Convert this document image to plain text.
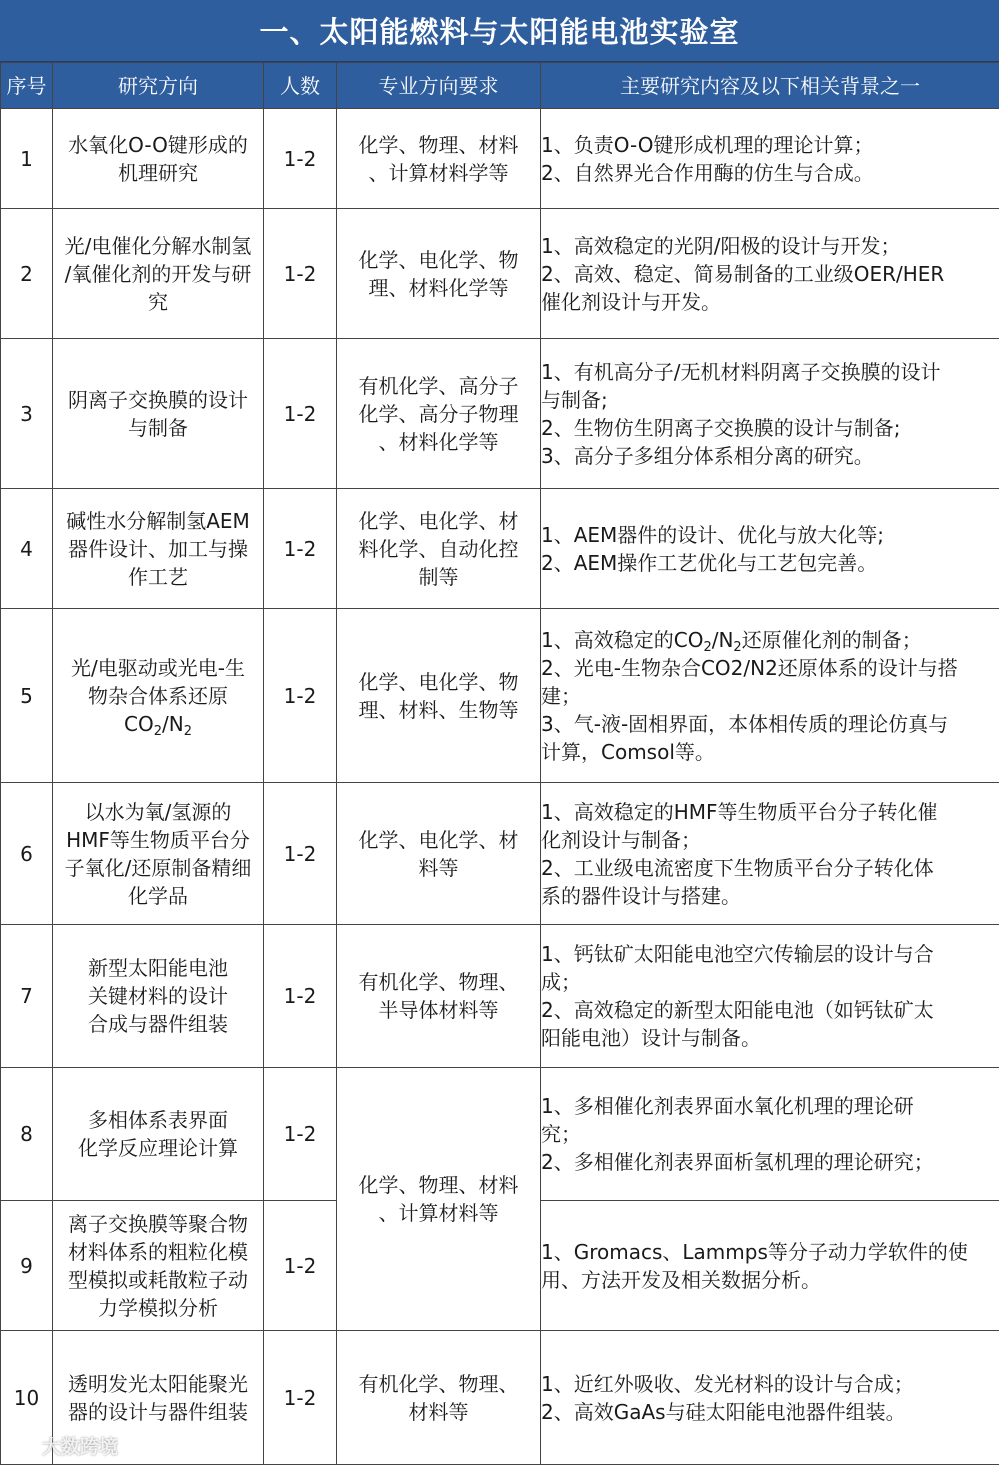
一、太阳能燃料与太阳能电池实验室
序号	研究方向	人数	专业方向要求	主要研究内容及以下相关背景之一
1	水氧化O-O键形成的
机理研究	1-2	化学、物理、材料
、计算材料学等	1、负责O-O键形成机理的理论计算；
2、自然界光合作用酶的仿生与合成。

2	光/电催化分解水制氢
/氧催化剂的开发与研
究	1-2	化学、电化学、物
理、材料化学等	1、高效稳定的光阴/阳极的设计与开发；
2、高效、稳定、简易制备的工业级OER/HER
催化剂设计与开发。

3	阴离子交换膜的设计
与制备	1-2	有机化学、高分子
化学、高分子物理
、材料化学等	1、有机高分子/无机材料阴离子交换膜的设计
与制备;
2、生物仿生阴离子交换膜的设计与制备;
3、高分子多组分体系相分离的研究。

4	碱性水分解制氢AEM
器件设计、加工与操
作工艺	1-2	化学、电化学、材
料化学、自动化控
制等	1、AEM器件的设计、优化与放大化等;
2、AEM操作工艺优化与工艺包完善。

5	光/电驱动或光电-生
物杂合体系还原
$CO_2/N_2$	1-2	化学、电化学、物
理、材料、生物等	1、高效稳定的$CO_2/N_2$还原催化剂的制备；
2、光电-生物杂合CO2/N2还原体系的设计与搭
建；
3、气-液-固相界面，本体相传质的理论仿真与
计算，Comsol等。

6	以水为氧/氢源的
HMF等生物质平台分
子氧化/还原制备精细
化学品	1-2	化学、电化学、材
料等	1、高效稳定的HMF等生物质平台分子转化催
化剂设计与制备；
2、工业级电流密度下生物质平台分子转化体
系的器件设计与搭建。

7	新型太阳能电池
关键材料的设计
合成与器件组装	1-2	有机化学、物理、
半导体材料等	1、钙钛矿太阳能电池空穴传输层的设计与合
成；
2、高效稳定的新型太阳能电池（如钙钛矿太
阳能电池）设计与制备。

8	多相体系表界面
化学反应理论计算	1-2	化学、物理、材料
、计算材料等	1、多相催化剂表界面水氧化机理的理论研
究；
2、多相催化剂表界面析氢机理的理论研究；

9	离子交换膜等聚合物
材料体系的粗粒化模
型模拟或耗散粒子动
力学模拟分析	1-2		1、Gromacs、Lammps等分子动力学软件的使
用、方法开发及相关数据分析。

10	透明发光太阳能聚光
器的设计与器件组装	1-2	有机化学、物理、
材料等	1、近红外吸收、发光材料的设计与合成；
2、高效GaAs与硅太阳能电池器件组装。
大数跨境
